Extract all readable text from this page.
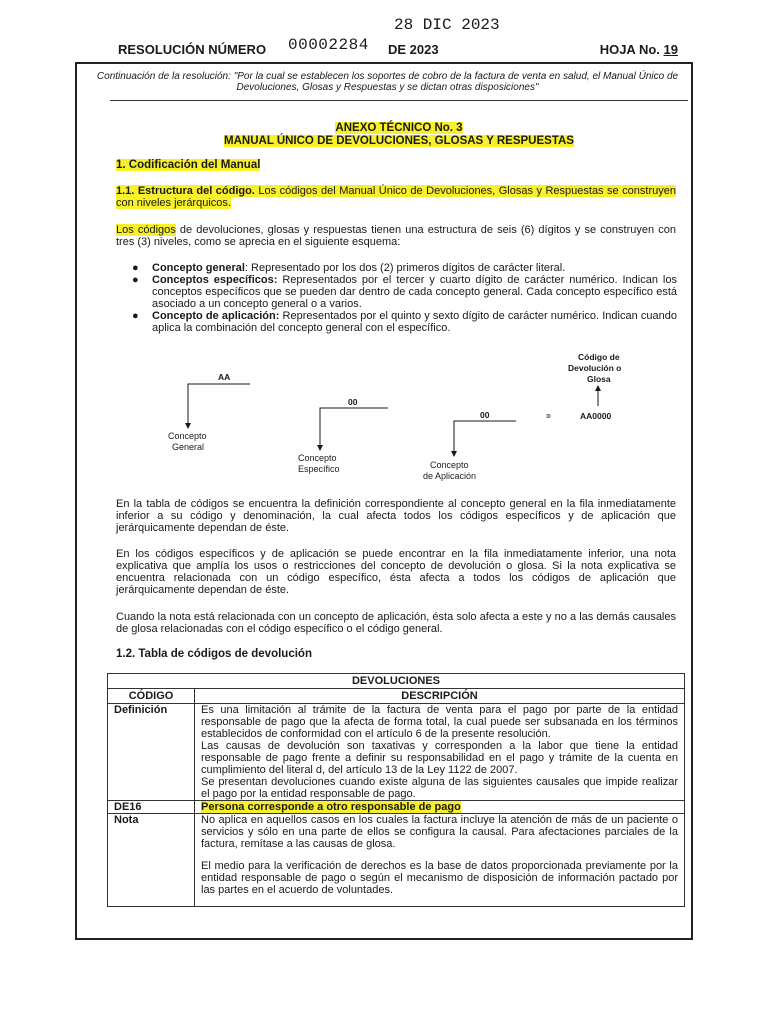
RESOLUCIÓN NÚMERO 00002284
28 DIC 2023
DE 2023	HOJA No. 19
Continuación de la resolución: "Por la cual se establecen los soportes de cobro de la factura de venta en salud, el Manual Único de Devoluciones, Glosas y Respuestas y se dictan otras disposiciones"
ANEXO TÉCNICO No. 3
MANUAL ÚNICO DE DEVOLUCIONES, GLOSAS Y RESPUESTAS
1. Codificación del Manual
1.1. Estructura del código. Los códigos del Manual Único de Devoluciones, Glosas y Respuestas se construyen con niveles jerárquicos.
Los códigos de devoluciones, glosas y respuestas tienen una estructura de seis (6) dígitos y se construyen con tres (3) niveles, como se aprecia en el siguiente esquema:
● Concepto general: Representado por los dos (2) primeros dígitos de carácter literal.
● Conceptos específicos: Representados por el tercer y cuarto dígito de carácter numérico. Indican los conceptos específicos que se pueden dar dentro de cada concepto general. Cada concepto específico está asociado a un concepto general o a varios.
● Concepto de aplicación: Representados por el quinto y sexto dígito de carácter numérico. Indican cuando aplica la combinación del concepto general con el específico.
AA
Concepto
General
00
Concepto
Específico
00
Concepto
de Aplicación
=	AA0000
Código de
Devolución o
Glosa
En la tabla de códigos se encuentra la definición correspondiente al concepto general en la fila inmediatamente inferior a su código y denominación, la cual afecta todos los códigos específicos y de aplicación que jerárquicamente dependan de éste.
En los códigos específicos y de aplicación se puede encontrar en la fila inmediatamente inferior, una nota explicativa que amplía los usos o restricciones del concepto de devolución o glosa. Si la nota explicativa se encuentra relacionada con un código específico, ésta afecta a todos los códigos de aplicación que jerárquicamente dependan de éste.
Cuando la nota está relacionada con un concepto de aplicación, ésta solo afecta a este y no a las demás causales de glosa relacionadas con el código específico o el código general.
1.2. Tabla de códigos de devolución
DEVOLUCIONES	
CÓDIGO	DESCRIPCIÓN
Definición	Es una limitación al trámite de la factura de venta para el pago por parte de la entidad responsable de pago que la afecta de forma total, la cual puede ser subsanada en los términos establecidos de conformidad con el artículo 6 de la presente resolución.

Las causas de devolución son taxativas y corresponden a la labor que tiene la entidad responsable de pago frente a definir su responsabilidad en el pago y trámite de la cuenta en cumplimiento del literal d, del artículo 13 de la Ley 1122 de 2007.

Se presentan devoluciones cuando existe alguna de las siguientes causales que impide realizar el pago por la entidad responsable de pago.

DE16	Persona corresponde a otro responsable de pago
Nota	No aplica en aquellos casos en los cuales la factura incluye la atención de más de un paciente o servicios y sólo en una parte de ellos se configura la causal. Para afectaciones parciales de la factura, remítase a las causas de glosa.

El medio para la verificación de derechos es la base de datos proporcionada previamente por la entidad responsable de pago o según el mecanismo de disposición de información pactado por las partes en el acuerdo de voluntades.
